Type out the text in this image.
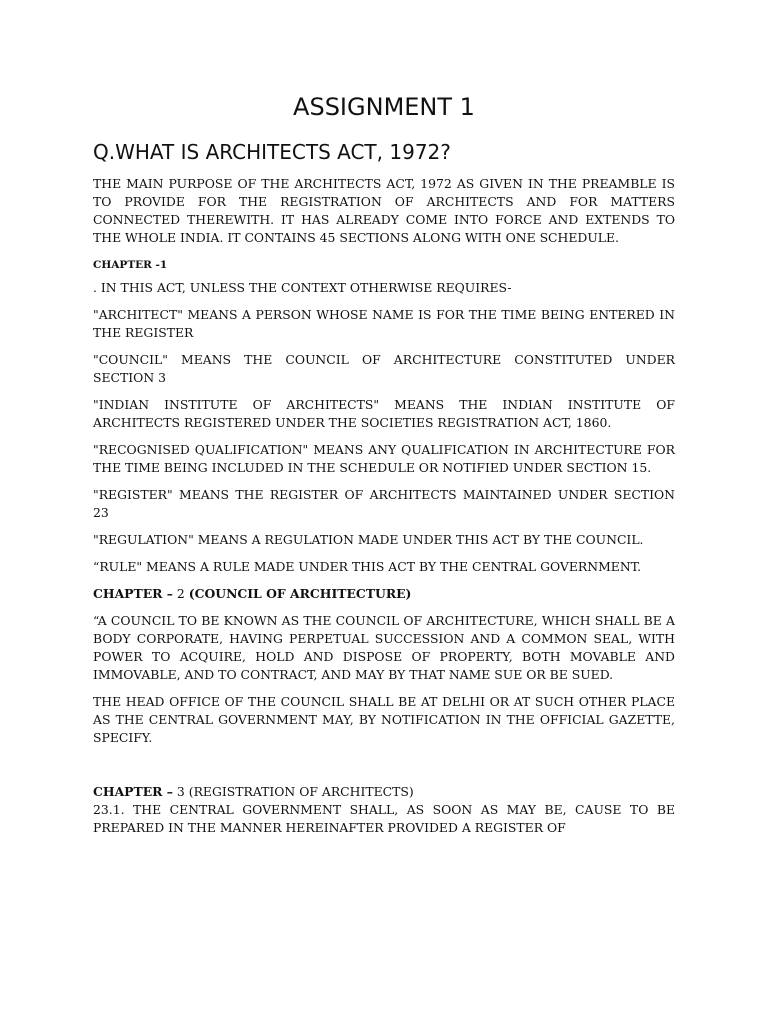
ASSIGNMENT 1
Q.WHAT IS ARCHITECTS ACT, 1972?

THE MAIN PURPOSE OF THE ARCHITECTS ACT, 1972 AS GIVEN IN THE PREAMBLE IS TO PROVIDE FOR THE REGISTRATION OF ARCHITECTS AND FOR MATTERS CONNECTED THEREWITH. IT HAS ALREADY COME INTO FORCE AND EXTENDS TO THE WHOLE INDIA. IT CONTAINS 45 SECTIONS ALONG WITH ONE SCHEDULE.

CHAPTER -1

. IN THIS ACT, UNLESS THE CONTEXT OTHERWISE REQUIRES-

"ARCHITECT" MEANS A PERSON WHOSE NAME IS FOR THE TIME BEING ENTERED IN THE REGISTER

"COUNCIL" MEANS THE COUNCIL OF ARCHITECTURE CONSTITUTED UNDER SECTION 3

"INDIAN INSTITUTE OF ARCHITECTS" MEANS THE INDIAN INSTITUTE OF ARCHITECTS REGISTERED UNDER THE SOCIETIES REGISTRATION ACT, 1860.

"RECOGNISED QUALIFICATION" MEANS ANY QUALIFICATION IN ARCHITECTURE FOR THE TIME BEING INCLUDED IN THE SCHEDULE OR NOTIFIED UNDER SECTION 15.

"REGISTER" MEANS THE REGISTER OF ARCHITECTS MAINTAINED UNDER SECTION 23

"REGULATION" MEANS A REGULATION MADE UNDER THIS ACT BY THE COUNCIL.

“RULE" MEANS A RULE MADE UNDER THIS ACT BY THE CENTRAL GOVERNMENT.

CHAPTER – 2 (COUNCIL OF ARCHITECTURE)

“A COUNCIL TO BE KNOWN AS THE COUNCIL OF ARCHITECTURE, WHICH SHALL BE A BODY CORPORATE, HAVING PERPETUAL SUCCESSION AND A COMMON SEAL, WITH POWER TO ACQUIRE, HOLD AND DISPOSE OF PROPERTY, BOTH MOVABLE AND IMMOVABLE, AND TO CONTRACT, AND MAY BY THAT NAME SUE OR BE SUED.

THE HEAD OFFICE OF THE COUNCIL SHALL BE AT DELHI OR AT SUCH OTHER PLACE AS THE CENTRAL GOVERNMENT MAY, BY NOTIFICATION IN THE OFFICIAL GAZETTE, SPECIFY.

CHAPTER – 3 (REGISTRATION OF ARCHITECTS)

23.1. THE CENTRAL GOVERNMENT SHALL, AS SOON AS MAY BE, CAUSE TO BE PREPARED IN THE MANNER HEREINAFTER PROVIDED A REGISTER OF
